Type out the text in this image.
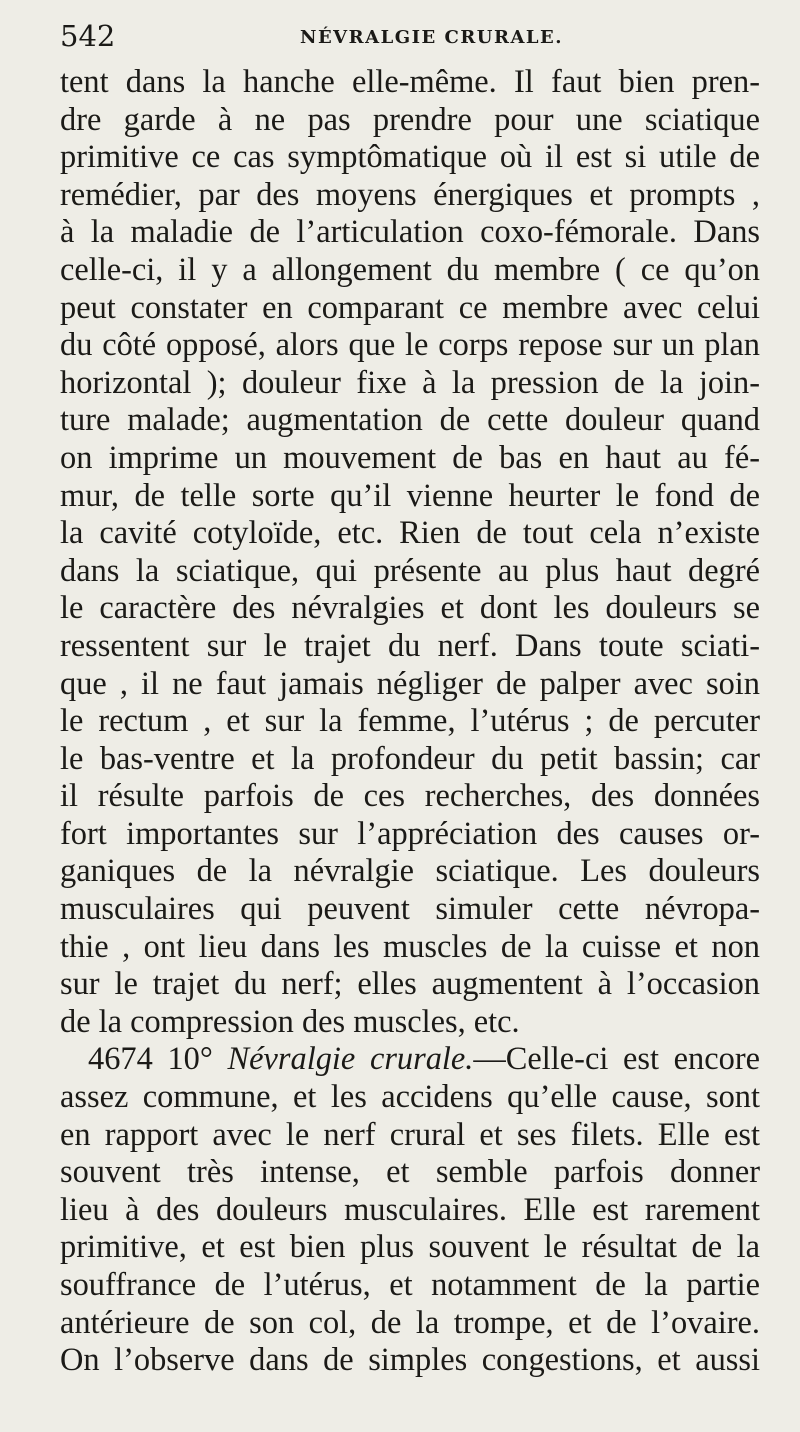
542	NÉVRALGIE CRURALE.
tent dans la hanche elle-même. Il faut bien pren-
dre garde à ne pas prendre pour une sciatique
primitive ce cas symptômatique où il est si utile de
remédier, par des moyens énergiques et prompts ,
à la maladie de l’articulation coxo-fémorale. Dans
celle-ci, il y a allongement du membre ( ce qu’on
peut constater en comparant ce membre avec celui
du côté opposé, alors que le corps repose sur un plan
horizontal ); douleur fixe à la pression de la join-
ture malade; augmentation de cette douleur quand
on imprime un mouvement de bas en haut au fé-
mur, de telle sorte qu’il vienne heurter le fond de
la cavité cotyloïde, etc. Rien de tout cela n’existe
dans la sciatique, qui présente au plus haut degré
le caractère des névralgies et dont les douleurs se
ressentent sur le trajet du nerf. Dans toute sciati-
que , il ne faut jamais négliger de palper avec soin
le rectum , et sur la femme, l’utérus ; de percuter
le bas-ventre et la profondeur du petit bassin; car
il résulte parfois de ces recherches, des données
fort importantes sur l’appréciation des causes or-
ganiques de la névralgie sciatique. Les douleurs
musculaires qui peuvent simuler cette névropa-
thie , ont lieu dans les muscles de la cuisse et non
sur le trajet du nerf; elles augmentent à l’occasion
de la compression des muscles, etc.
4674 10° Névralgie crurale.—Celle-ci est encore
assez commune, et les accidens qu’elle cause, sont
en rapport avec le nerf crural et ses filets. Elle est
souvent très intense, et semble parfois donner
lieu à des douleurs musculaires. Elle est rarement
primitive, et est bien plus souvent le résultat de la
souffrance de l’utérus, et notamment de la partie
antérieure de son col, de la trompe, et de l’ovaire.
On l’observe dans de simples congestions, et aussi
